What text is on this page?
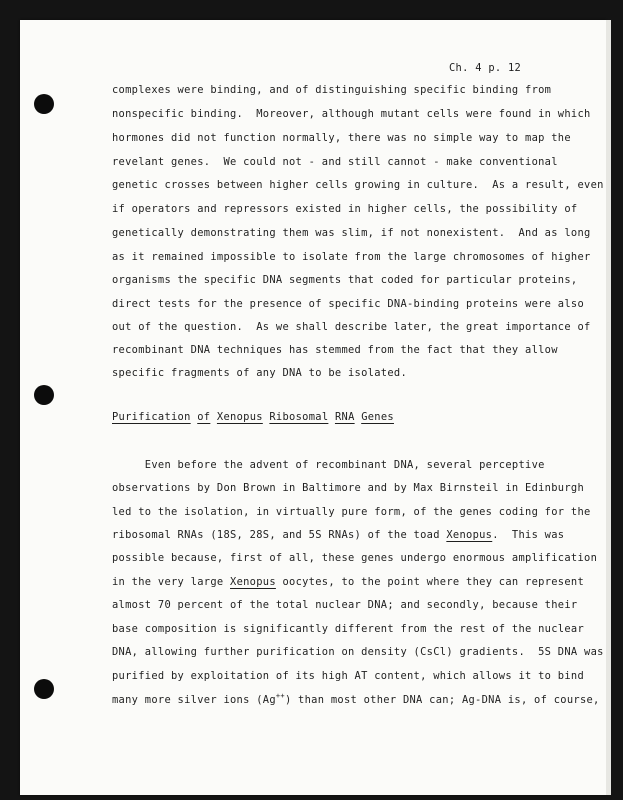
Ch. 4 p. 12
complexes were binding, and of distinguishing specific binding from
nonspecific binding.  Moreover, although mutant cells were found in which
hormones did not function normally, there was no simple way to map the
revelant genes.  We could not - and still cannot - make conventional
genetic crosses between higher cells growing in culture.  As a result, even
if operators and repressors existed in higher cells, the possibility of
genetically demonstrating them was slim, if not nonexistent.  And as long
as it remained impossible to isolate from the large chromosomes of higher
organisms the specific DNA segments that coded for particular proteins,
direct tests for the presence of specific DNA-binding proteins were also
out of the question.  As we shall describe later, the great importance of
recombinant DNA techniques has stemmed from the fact that they allow
specific fragments of any DNA to be isolated.
Purification of Xenopus Ribosomal RNA Genes
Even before the advent of recombinant DNA, several perceptive
observations by Don Brown in Baltimore and by Max Birnsteil in Edinburgh
led to the isolation, in virtually pure form, of the genes coding for the
ribosomal RNAs (18S, 28S, and 5S RNAs) of the toad Xenopus.  This was
possible because, first of all, these genes undergo enormous amplification
in the very large Xenopus oocytes, to the point where they can represent
almost 70 percent of the total nuclear DNA; and secondly, because their
base composition is significantly different from the rest of the nuclear
DNA, allowing further purification on density (CsCl) gradients.  5S DNA was
purified by exploitation of its high AT content, which allows it to bind
many more silver ions (Ag++) than most other DNA can; Ag-DNA is, of course,
